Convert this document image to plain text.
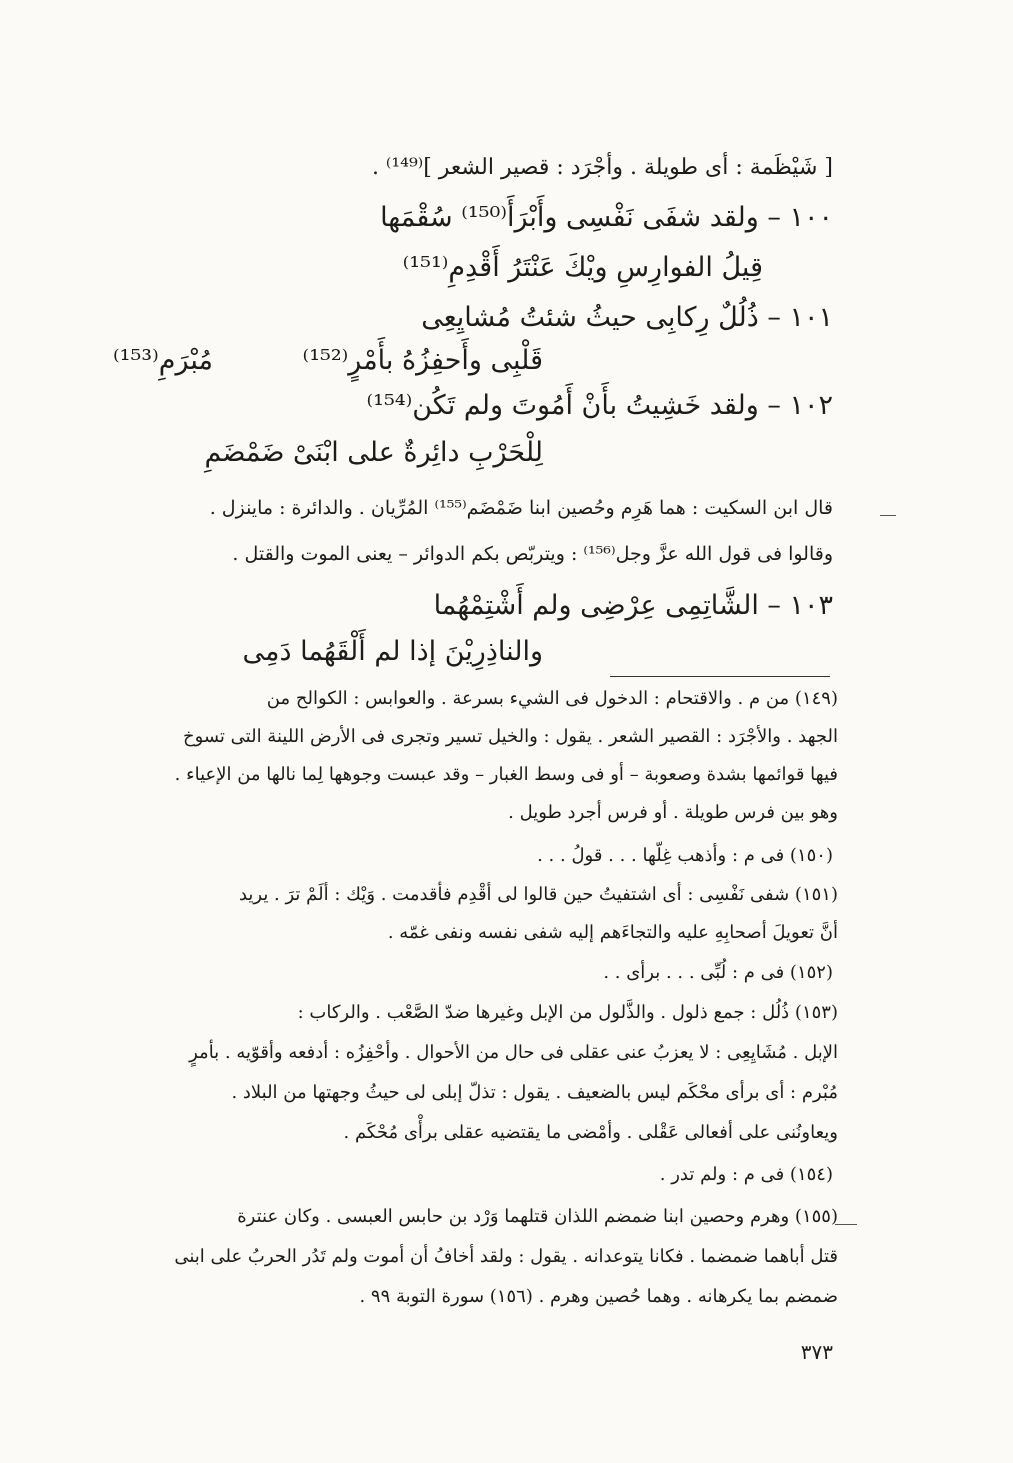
[ شَيْظَمة : أى طويلة . وأجْرَد : قصير الشعر ]⁽¹⁴⁹⁾ .
١٠٠ – ولقد شفَى نَفْسِى وأَبْرَأَ⁽¹⁵⁰⁾ سُقْمَها
قِيلُ الفوارِسِ ويْكَ عَنْتَرُ أَقْدِمِ⁽¹⁵¹⁾
١٠١ – ذُلُلٌ رِكابِى حيثُ شئتُ مُشايِعِى
قَلْبِى وأَحفِزُهُ بأَمْرٍ⁽¹⁵²⁾
مُبْرَمِ⁽¹⁵³⁾
١٠٢ – ولقد خَشِيتُ بأَنْ أَمُوتَ ولم تَكُن⁽¹⁵⁴⁾
لِلْحَرْبِ دائِرةٌ على ابْنَىْ ضَمْضَمِ
قال ابن السكيت : هما هَرِم وحُصين ابنا ضَمْضَم⁽¹⁵⁵⁾ المُرِّيان . والدائرة : ماينزل .
وقالوا فى قول الله عزَّ وجل⁽¹⁵⁶⁾ : ويتربّص بكم الدوائر – يعنى الموت والقتل .
١٠٣ – الشَّاتِمِى عِرْضِى ولم أَشْتِمْهُما
والناذِرِيْنَ إذا لم أَلْقَهُما دَمِى
(١٤٩) من م . والاقتحام : الدخول فى الشيء بسرعة . والعوابس : الكوالح من
الجهد . والأجْرَد : القصير الشعر . يقول : والخيل تسير وتجرى فى الأرض اللينة التى تسوخ
فيها قوائمها بشدة وصعوبة – أو فى وسط الغبار – وقد عبست وجوهها لِما نالها من الإعياء .
وهو بين فرس طويلة . أو فرس أجرد طويل .
(١٥٠) فى م : وأذهب غِلّها . . . قولُ . . .
(١٥١) شفى نَفْسِى : أى اشتفيتُ حين قالوا لى أقْدِم فأقدمت . وَيْك : ألَمْ ترَ . يريد
أنَّ تعويلَ أصحابِهِ عليه والتجاءَهم إليه شفى نفسه ونفى غمّه .
(١٥٢) فى م : لُبِّى . . . برأى . .
(١٥٣) ذُلُل : جمع ذلول . والذَّلول من الإبل وغيرها ضدّ الصَّعْب . والركاب :
الإبل . مُشَايِعِى : لا يعزبُ عنى عقلى فى حال من الأحوال . وأحْفِزُه : أدفعه وأقوّيه . بأمرٍ
مُبْرم : أى برأى محْكَم ليس بالضعيف . يقول : تذلّ إبلى لى حيثُ وجهتها من البلاد .
ويعاونُنى على أفعالى عَقْلى . وأمْضى ما يقتضيه عقلى برأْى مُحْكَم .
(١٥٤) فى م : ولم تدر .
(١٥٥) وهرم وحصين ابنا ضمضم اللذان قتلهما وَرْد بن حابس العبسى . وكان عنترة
قتل أباهما ضمضما . فكانا يتوعدانه . يقول : ولقد أخافُ أن أموت ولم تَدُر الحربُ على ابنى
ضمضم بما يكرهانه . وهما حُصين وهرم . (١٥٦) سورة التوبة ٩٩ .
٣٧٣
